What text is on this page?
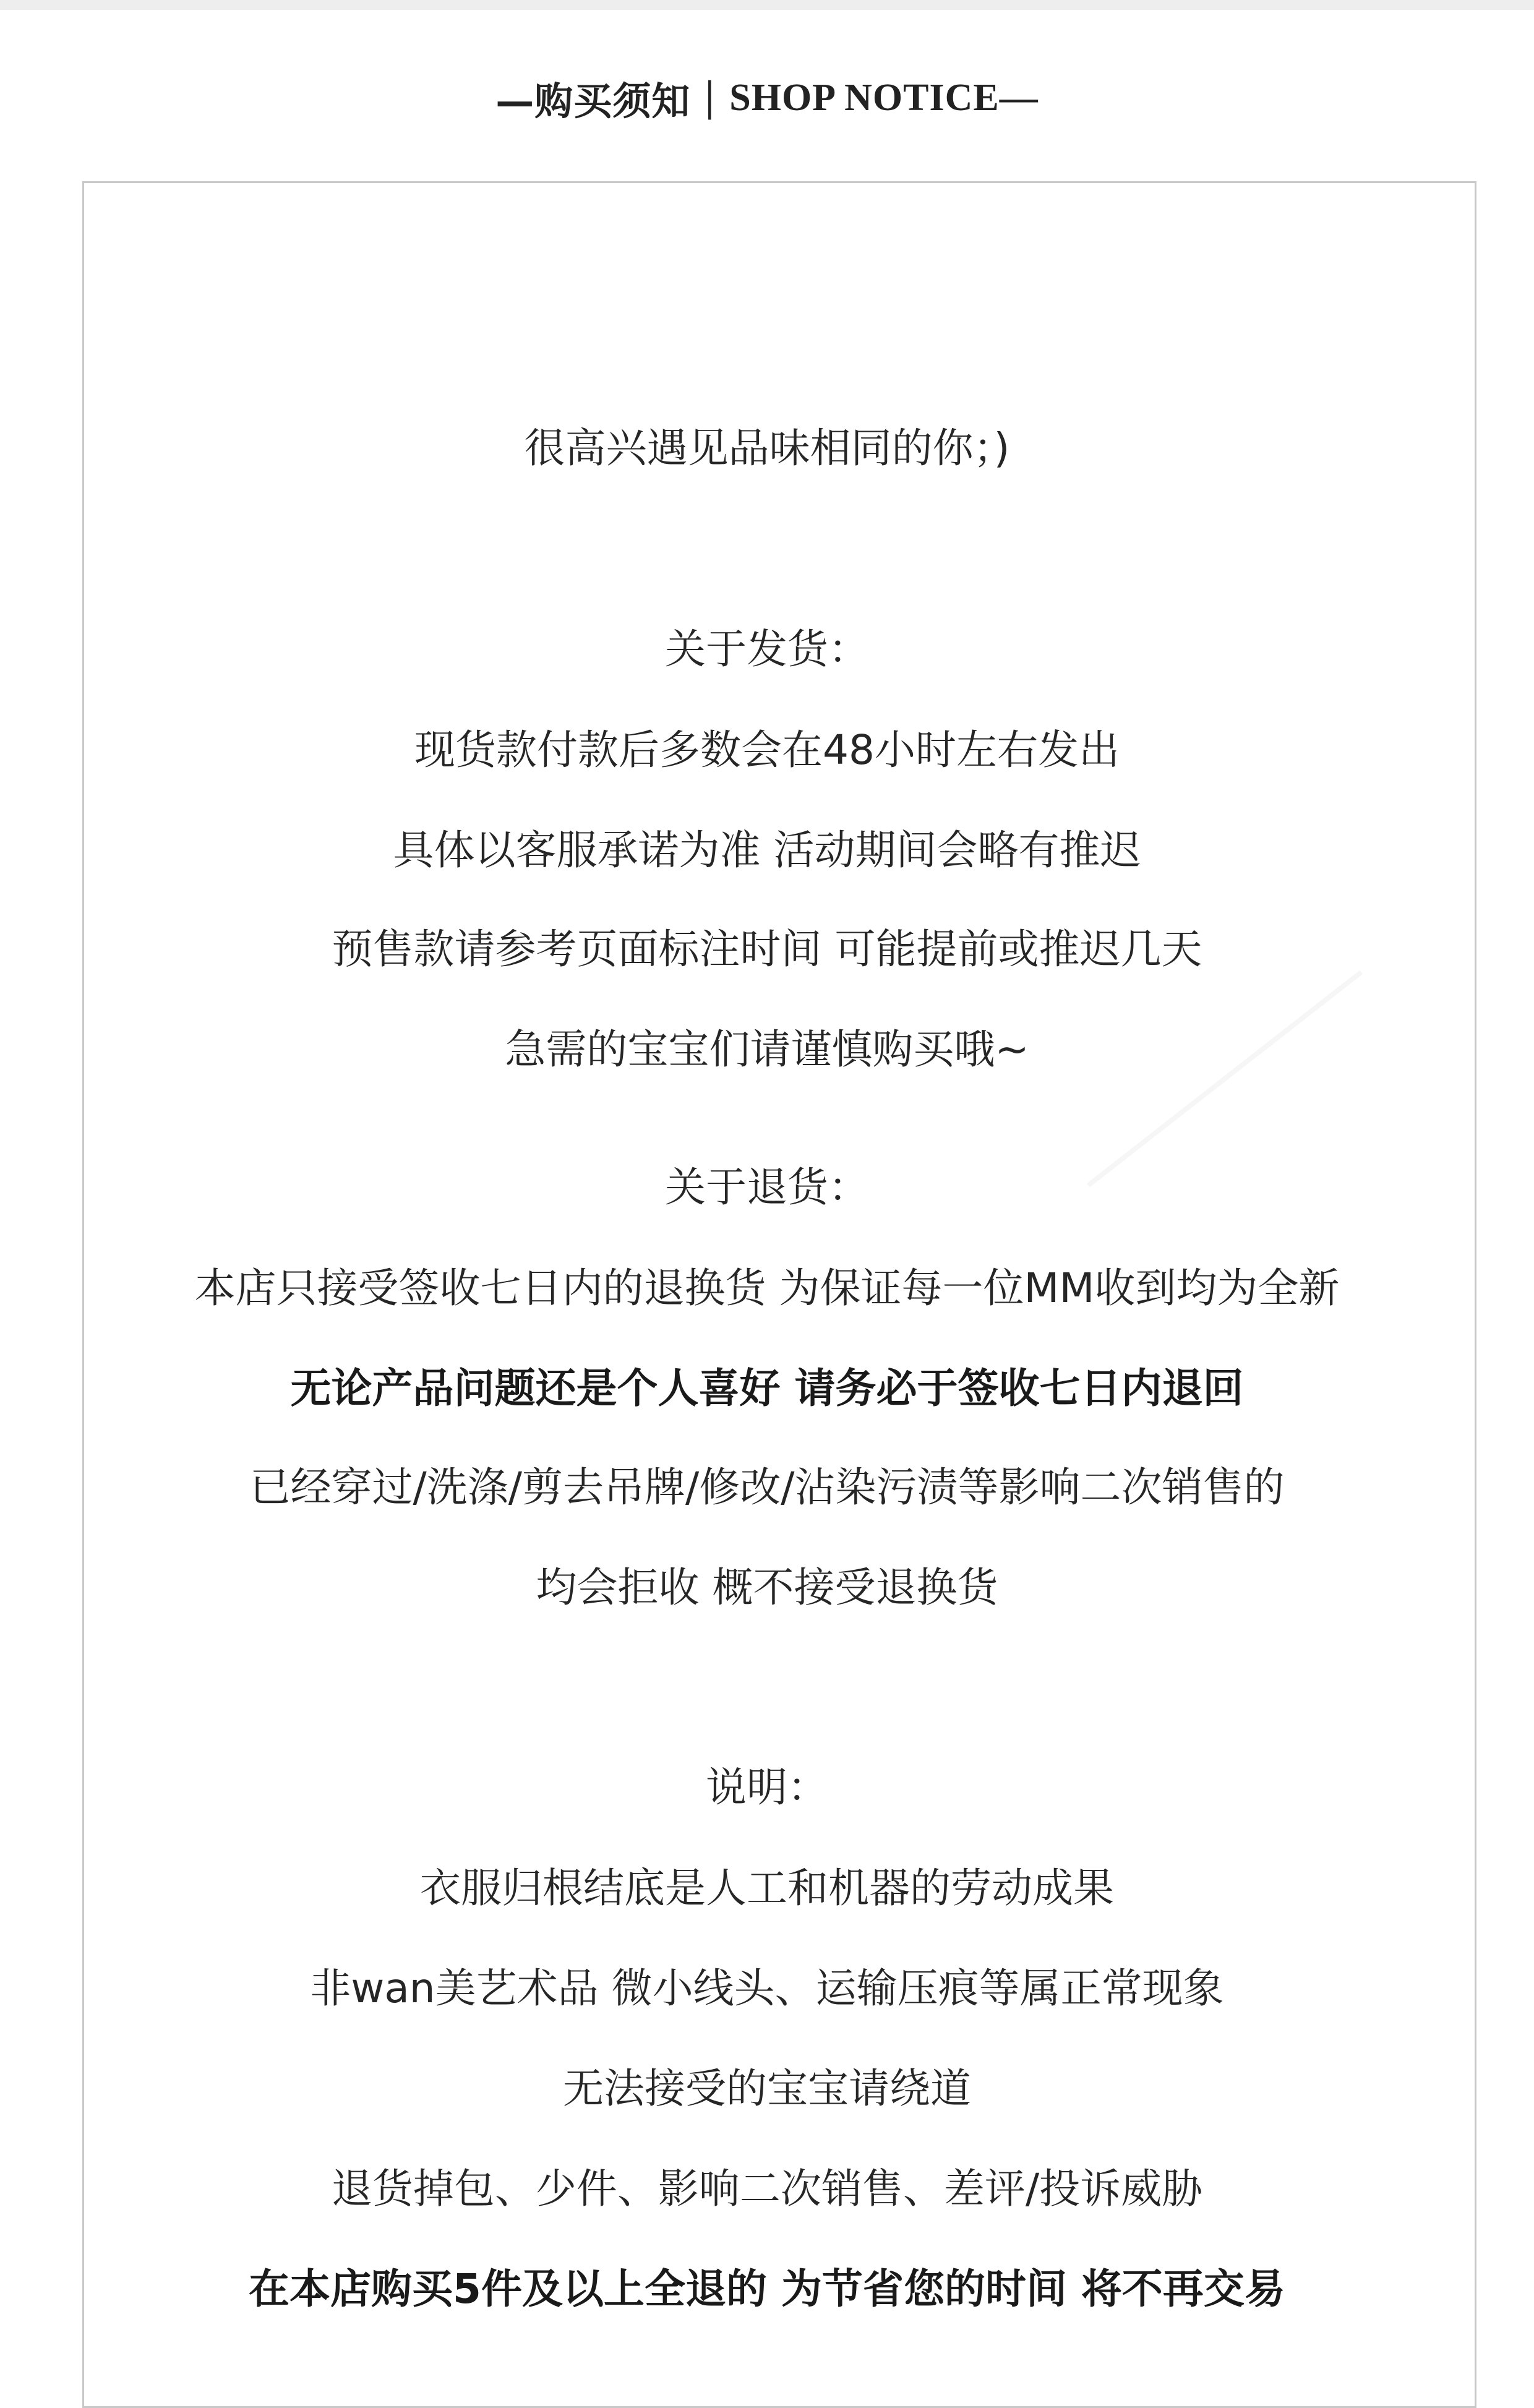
—购买须知｜ SHOP NOTICE—
很高兴遇见品味相同的你；)
关于发货：
现货款付款后多数会在48小时左右发出
具体以客服承诺为准 活动期间会略有推迟
预售款请参考页面标注时间 可能提前或推迟几天
急需的宝宝们请谨慎购买哦~
关于退货：
本店只接受签收七日内的退换货 为保证每一位MM收到均为全新
无论产品问题还是个人喜好 请务必于签收七日内退回
已经穿过/洗涤/剪去吊牌/修改/沾染污渍等影响二次销售的
均会拒收 概不接受退换货
说明：
衣服归根结底是人工和机器的劳动成果
非wan美艺术品 微小线头、运输压痕等属正常现象
无法接受的宝宝请绕道
退货掉包、少件、影响二次销售、差评/投诉威胁
在本店购买5件及以上全退的 为节省您的时间 将不再交易
